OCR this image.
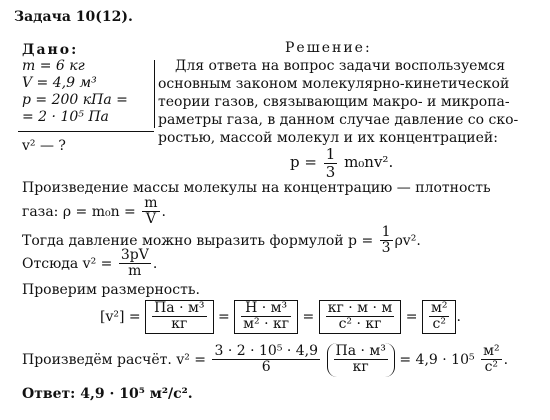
Задача 10(12).
Дано:
m = 6 кг
V = 4,9 м³
p = 200 кПа =
= 2 · 10⁵ Па
v² — ?
Решение:
Для ответа на вопрос задачи воспользуемся
основным законом молекулярно-кинетической
теории газов, связывающим макро- и микропа-
раметры газа, в данном случае давление со ско-
ростью, массой молекул и их концентрацией:
$p = \frac{1}{3} m_0nv^2$.
Произведение массы молекулы на концентрацию — плотность
газа: $\rho = m_0n = \frac{m}{V}$ .
Тогда давление можно выразить формулой $p = \frac{1}{3} \rho v^2$.
Отсюда $v^2 = \frac{3pV}{m}$ .
Проверим размерность.
$[v^2] = \frac{\text{Па · м³}}{кг} = \frac{\text{Н · м³}}{\text{м² · кг}} = \frac{кг \cdot м \cdot м}{\text{с² · кг}} = \frac{\text{м²}}{\text{с²}}$ .
Произведём расчёт. $v^2 = \frac{\text{3 · 2 · 10⁵ · 4,9}}{6}$
$\frac{\text{Па · м³}}{кг} = 4,9 \cdot 10^5 \frac{\text{м²}}{\text{с²}}$ .
Ответ: 4,9 · 10⁵ м²/с².
